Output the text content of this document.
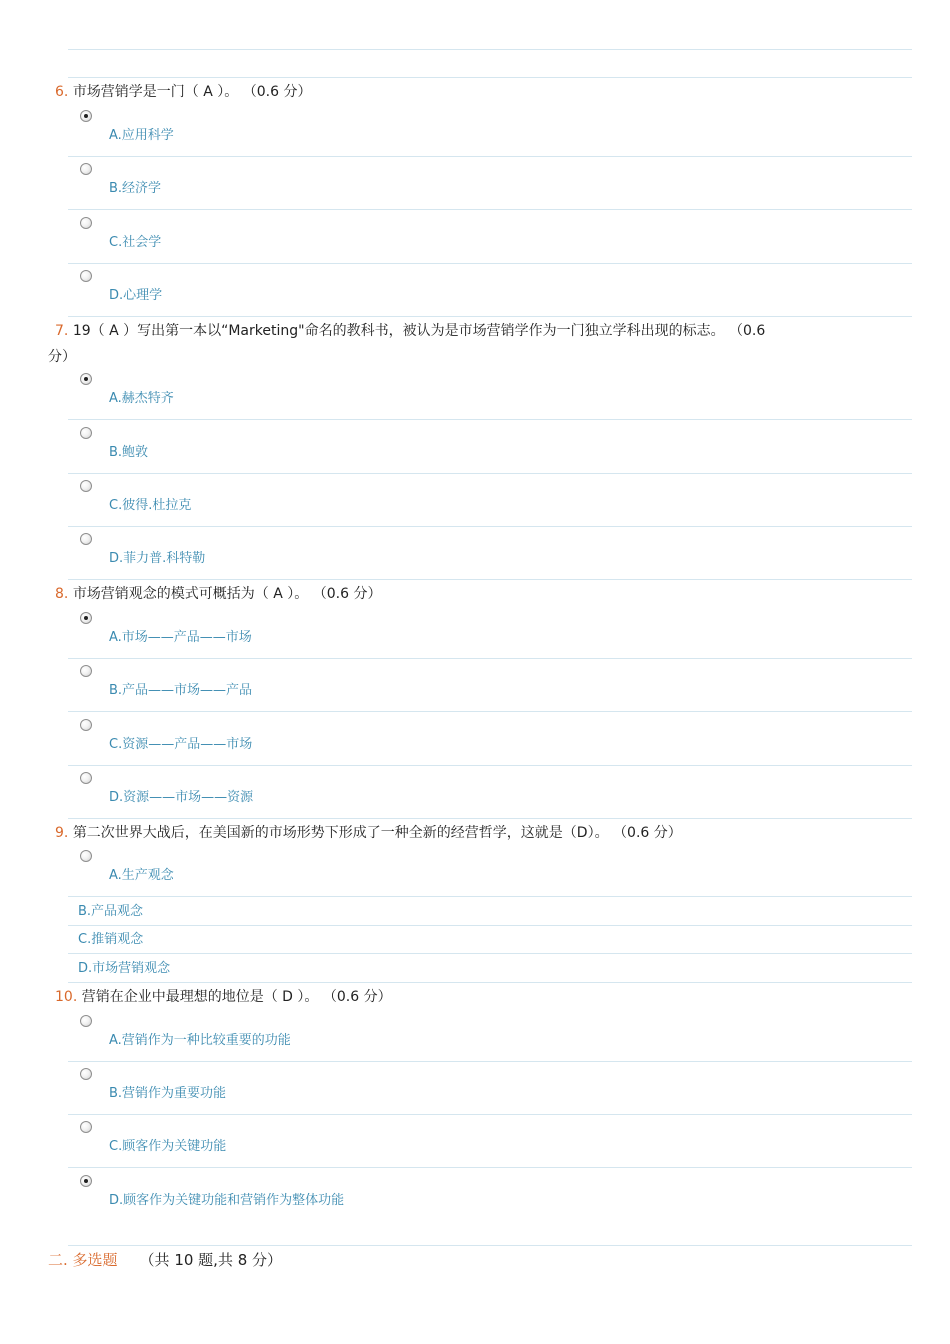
6. 市场营销学是一门（ A ）。 （0.6 分）
A.应用科学
B.经济学
C.社会学
D.心理学
7. 19（ A ）写出第一本以“Marketing"命名的教科书，被认为是市场营销学作为一门独立学科出现的标志。 （0.6
分）
A.赫杰特齐
B.鲍敦
C.彼得.杜拉克
D.菲力普.科特勒
8. 市场营销观念的模式可概括为（ A ）。 （0.6 分）
A.市场——产品——市场
B.产品——市场——产品
C.资源——产品——市场
D.资源——市场——资源
9. 第二次世界大战后，在美国新的市场形势下形成了一种全新的经营哲学，这就是（D）。 （0.6 分）
A.生产观念
B.产品观念
C.推销观念
D.市场营销观念
10. 营销在企业中最理想的地位是（ D ）。 （0.6 分）
A.营销作为一种比较重要的功能
B.营销作为重要功能
C.顾客作为关键功能
D.顾客作为关键功能和营销作为整体功能
二. 多选题 （共 10 题,共 8 分）
